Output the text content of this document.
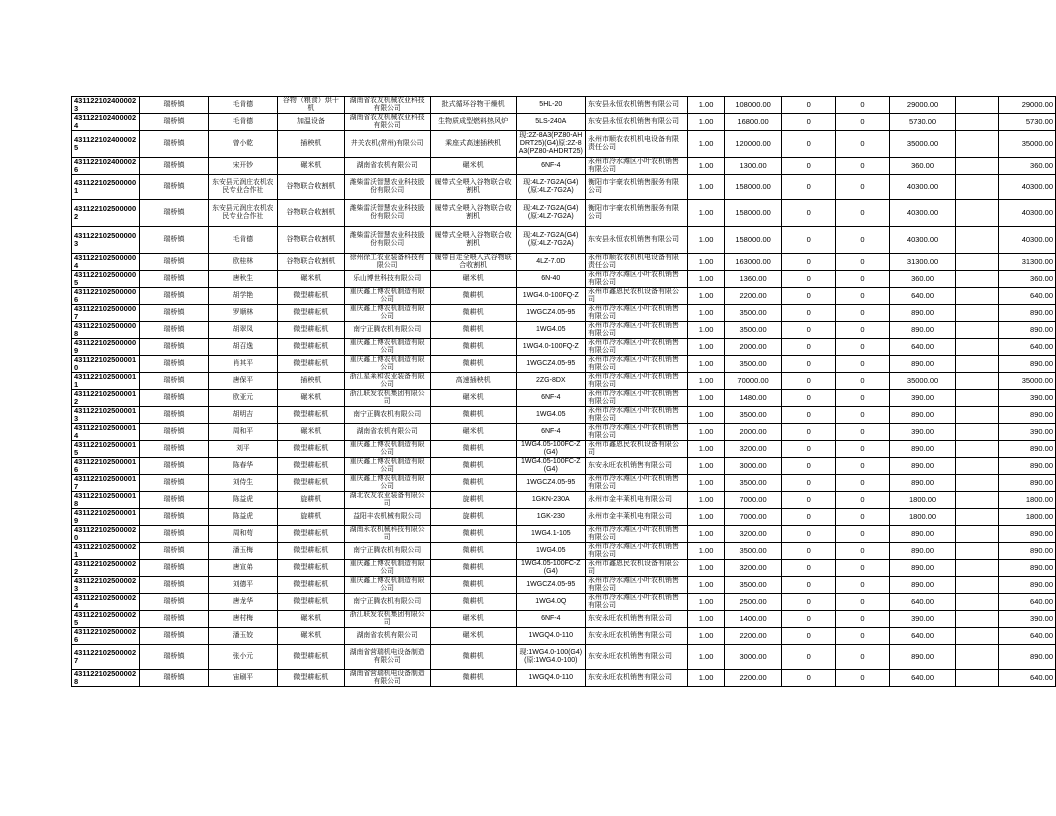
431122102400002 3	瑞桥镇	毛肯德	谷物（粮食）烘干机	湖南省农友机械农业科技有限公司	批式循环谷物干燥机	5HL-20	东安县永恒农机销售有限公司	1.00	108000.00	0	0	29000.00		29000.00
431122102400002 4	瑞桥镇	毛肯德	加温设备	湖南省农友机械农业科技有限公司	生物质成型燃料热风炉	5LS-240A	东安县永恒农机销售有限公司	1.00	16800.00	0	0	5730.00		5730.00
431122102400002 5	瑞桥镇	曾小乾	插秧机	井关农机(常州)有限公司	乘座式高速插秧机	现:2Z-8A3(PZ80-AHDRT25)(G4)原:2Z-8A3(PZ80-AHDRT25)	永州市顺农农机机电设备有限责任公司	1.00	120000.00	0	0	35000.00		35000.00
431122102400002 6	瑞桥镇	宋开钞	碾米机	湖南省农机有限公司	碾米机	6NF-4	永州市冷水滩区小叶农机销售有限公司	1.00	1300.00	0	0	360.00		360.00
431122102500000 1	瑞桥镇	东安县元润庄农机农民专业合作社	谷物联合收割机	潍柴雷沃智慧农业科技股份有限公司	履带式全喂入谷物联合收割机	现:4LZ-7G2A(G4)(原:4LZ-7G2A)	衡阳市宇豪农机销售服务有限公司	1.00	158000.00	0	0	40300.00		40300.00
431122102500000 2	瑞桥镇	东安县元润庄农机农民专业合作社	谷物联合收割机	潍柴雷沃智慧农业科技股份有限公司	履带式全喂入谷物联合收割机	现:4LZ-7G2A(G4)(原:4LZ-7G2A)	衡阳市宇豪农机销售服务有限公司	1.00	158000.00	0	0	40300.00		40300.00
431122102500000 3	瑞桥镇	毛肯德	谷物联合收割机	潍柴雷沃智慧农业科技股份有限公司	履带式全喂入谷物联合收割机	现:4LZ-7G2A(G4)(原:4LZ-7G2A)	东安县永恒农机销售有限公司	1.00	158000.00	0	0	40300.00		40300.00
431122102500000 4	瑞桥镇	欧桂林	谷物联合收割机	徐州徐工农业装备科技有限公司	履带自走全喂入式谷物联合收割机	4LZ-7.0D	永州市顺农农机机电设备有限责任公司	1.00	163000.00	0	0	31300.00		31300.00
431122102500000 5	瑞桥镇	唐秋生	碾米机	乐山博世科技有限公司	碾米机	6N-40	永州市冷水滩区小叶农机销售有限公司	1.00	1360.00	0	0	360.00		360.00
431122102500000 6	瑞桥镇	胡学艳	微型耕耘机	重庆鑫上博农机制造有限公司	微耕机	1WG4.0-100FQ-Z	永州市鑫恩民农机设备有限公司	1.00	2200.00	0	0	640.00		640.00
431122102500000 7	瑞桥镇	罗顺林	微型耕耘机	重庆鑫上博农机制造有限公司	微耕机	1WGCZ4.05-95	永州市冷水滩区小叶农机销售有限公司	1.00	3500.00	0	0	890.00		890.00
431122102500000 8	瑞桥镇	胡翠凤	微型耕耘机	南宁正腾农机有限公司	微耕机	1WG4.05	永州市冷水滩区小叶农机销售有限公司	1.00	3500.00	0	0	890.00		890.00
431122102500000 9	瑞桥镇	胡召逸	微型耕耘机	重庆鑫上博农机制造有限公司	微耕机	1WG4.0-100FQ-Z	永州市冷水滩区小叶农机销售有限公司	1.00	2000.00	0	0	640.00		640.00
431122102500001 0	瑞桥镇	肖其平	微型耕耘机	重庆鑫上博农机制造有限公司	微耕机	1WGCZ4.05-95	永州市冷水滩区小叶农机销售有限公司	1.00	3500.00	0	0	890.00		890.00
431122102500001 1	瑞桥镇	唐保平	插秧机	浙江星莱和农业装备有限公司	高速插秧机	2ZG-8DX	永州市冷水滩区小叶农机销售有限公司	1.00	70000.00	0	0	35000.00		35000.00
431122102500001 2	瑞桥镇	欧亚元	碾米机	浙江联发农机集团有限公司	碾米机	6NF-4	永州市冷水滩区小叶农机销售有限公司	1.00	1480.00	0	0	390.00		390.00
431122102500001 3	瑞桥镇	胡明吉	微型耕耘机	南宁正腾农机有限公司	微耕机	1WG4.05	永州市冷水滩区小叶农机销售有限公司	1.00	3500.00	0	0	890.00		890.00
431122102500001 4	瑞桥镇	周和平	碾米机	湖南省农机有限公司	碾米机	6NF-4	永州市冷水滩区小叶农机销售有限公司	1.00	2000.00	0	0	390.00		390.00
431122102500001 5	瑞桥镇	刘平	微型耕耘机	重庆鑫上博农机制造有限公司	微耕机	1WG4.05-100FC-Z(G4)	永州市鑫恩民农机设备有限公司	1.00	3200.00	0	0	890.00		890.00
431122102500001 6	瑞桥镇	陈春华	微型耕耘机	重庆鑫上博农机制造有限公司	微耕机	1WG4.05-100FC-Z(G4)	东安永旺农机销售有限公司	1.00	3000.00	0	0	890.00		890.00
431122102500001 7	瑞桥镇	刘侍生	微型耕耘机	重庆鑫上博农机制造有限公司	微耕机	1WGCZ4.05-95	永州市冷水滩区小叶农机销售有限公司	1.00	3500.00	0	0	890.00		890.00
431122102500001 8	瑞桥镇	陈益虎	旋耕机	湖北农友农业装备有限公司	旋耕机	1GKN-230A	永州市金丰莱机电有限公司	1.00	7000.00	0	0	1800.00		1800.00
431122102500001 9	瑞桥镇	陈益虎	旋耕机	益阳丰农机械有限公司	旋耕机	1GK-230	永州市金丰莱机电有限公司	1.00	7000.00	0	0	1800.00		1800.00
431122102500002 0	瑞桥镇	周和苟	微型耕耘机	湖南永农机械科技有限公司	微耕机	1WG4.1-105	永州市冷水滩区小叶农机销售有限公司	1.00	3200.00	0	0	890.00		890.00
431122102500002 1	瑞桥镇	潘玉梅	微型耕耘机	南宁正腾农机有限公司	微耕机	1WG4.05	永州市冷水滩区小叶农机销售有限公司	1.00	3500.00	0	0	890.00		890.00
431122102500002 2	瑞桥镇	唐宣弟	微型耕耘机	重庆鑫上博农机制造有限公司	微耕机	1WG4.05-100FC-Z(G4)	永州市鑫恩民农机设备有限公司	1.00	3200.00	0	0	890.00		890.00
431122102500002 3	瑞桥镇	刘德平	微型耕耘机	重庆鑫上博农机制造有限公司	微耕机	1WGCZ4.05-95	永州市冷水滩区小叶农机销售有限公司	1.00	3500.00	0	0	890.00		890.00
431122102500002 4	瑞桥镇	唐龙华	微型耕耘机	南宁正腾农机有限公司	微耕机	1WG4.0Q	永州市冷水滩区小叶农机销售有限公司	1.00	2500.00	0	0	640.00		640.00
431122102500002 5	瑞桥镇	唐村梅	碾米机	浙江联发农机集团有限公司	碾米机	6NF-4	东安永旺农机销售有限公司	1.00	1400.00	0	0	390.00		390.00
431122102500002 6	瑞桥镇	潘玉姣	碾米机	湖南省农机有限公司	碾米机	1WGQ4.0-110	东安永旺农机销售有限公司	1.00	2200.00	0	0	640.00		640.00
431122102500002 7	瑞桥镇	张小元	微型耕耘机	湖南省营瑞机电设备制造有限公司	微耕机	现:1WG4.0-100(G4)(原:1WG4.0-100)	东安永旺农机销售有限公司	1.00	3000.00	0	0	890.00		890.00
431122102500002 8	瑞桥镇	宙刷平	微型耕耘机	湖南省营瑞机电设备制造有限公司	微耕机	1WGQ4.0-110	东安永旺农机销售有限公司	1.00	2200.00	0	0	640.00		640.00
